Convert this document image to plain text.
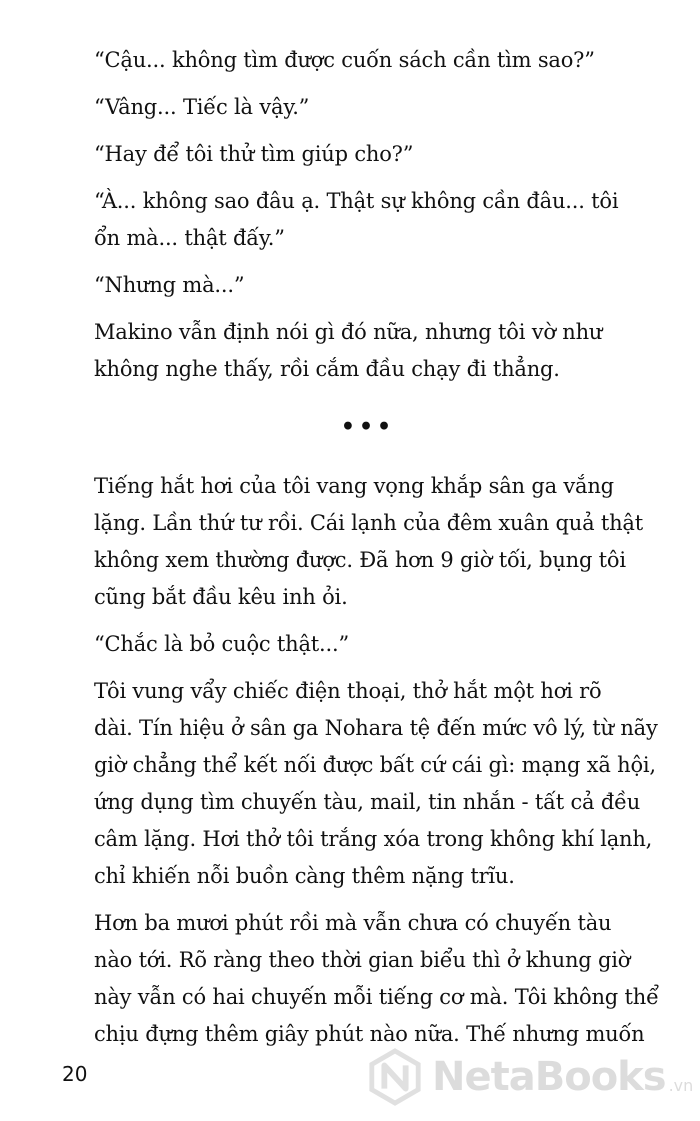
“Cậu... không tìm được cuốn sách cần tìm sao?”
“Vâng... Tiếc là vậy.”
“Hay để tôi thử tìm giúp cho?”
“À... không sao đâu ạ. Thật sự không cần đâu... tôi
ổn mà... thật đấy.”
“Nhưng mà...”
Makino vẫn định nói gì đó nữa, nhưng tôi vờ như
không nghe thấy, rồi cắm đầu chạy đi thẳng.
•••
Tiếng hắt hơi của tôi vang vọng khắp sân ga vắng
lặng. Lần thứ tư rồi. Cái lạnh của đêm xuân quả thật
không xem thường được. Đã hơn 9 giờ tối, bụng tôi
cũng bắt đầu kêu inh ỏi.
“Chắc là bỏ cuộc thật...”
Tôi vung vẩy chiếc điện thoại, thở hắt một hơi rõ
dài. Tín hiệu ở sân ga Nohara tệ đến mức vô lý, từ nãy
giờ chẳng thể kết nối được bất cứ cái gì: mạng xã hội,
ứng dụng tìm chuyến tàu, mail, tin nhắn - tất cả đều
câm lặng. Hơi thở tôi trắng xóa trong không khí lạnh,
chỉ khiến nỗi buồn càng thêm nặng trĩu.
Hơn ba mươi phút rồi mà vẫn chưa có chuyến tàu
nào tới. Rõ ràng theo thời gian biểu thì ở khung giờ
này vẫn có hai chuyến mỗi tiếng cơ mà. Tôi không thể
chịu đựng thêm giây phút nào nữa. Thế nhưng muốn
20	NetaBooks .vn
